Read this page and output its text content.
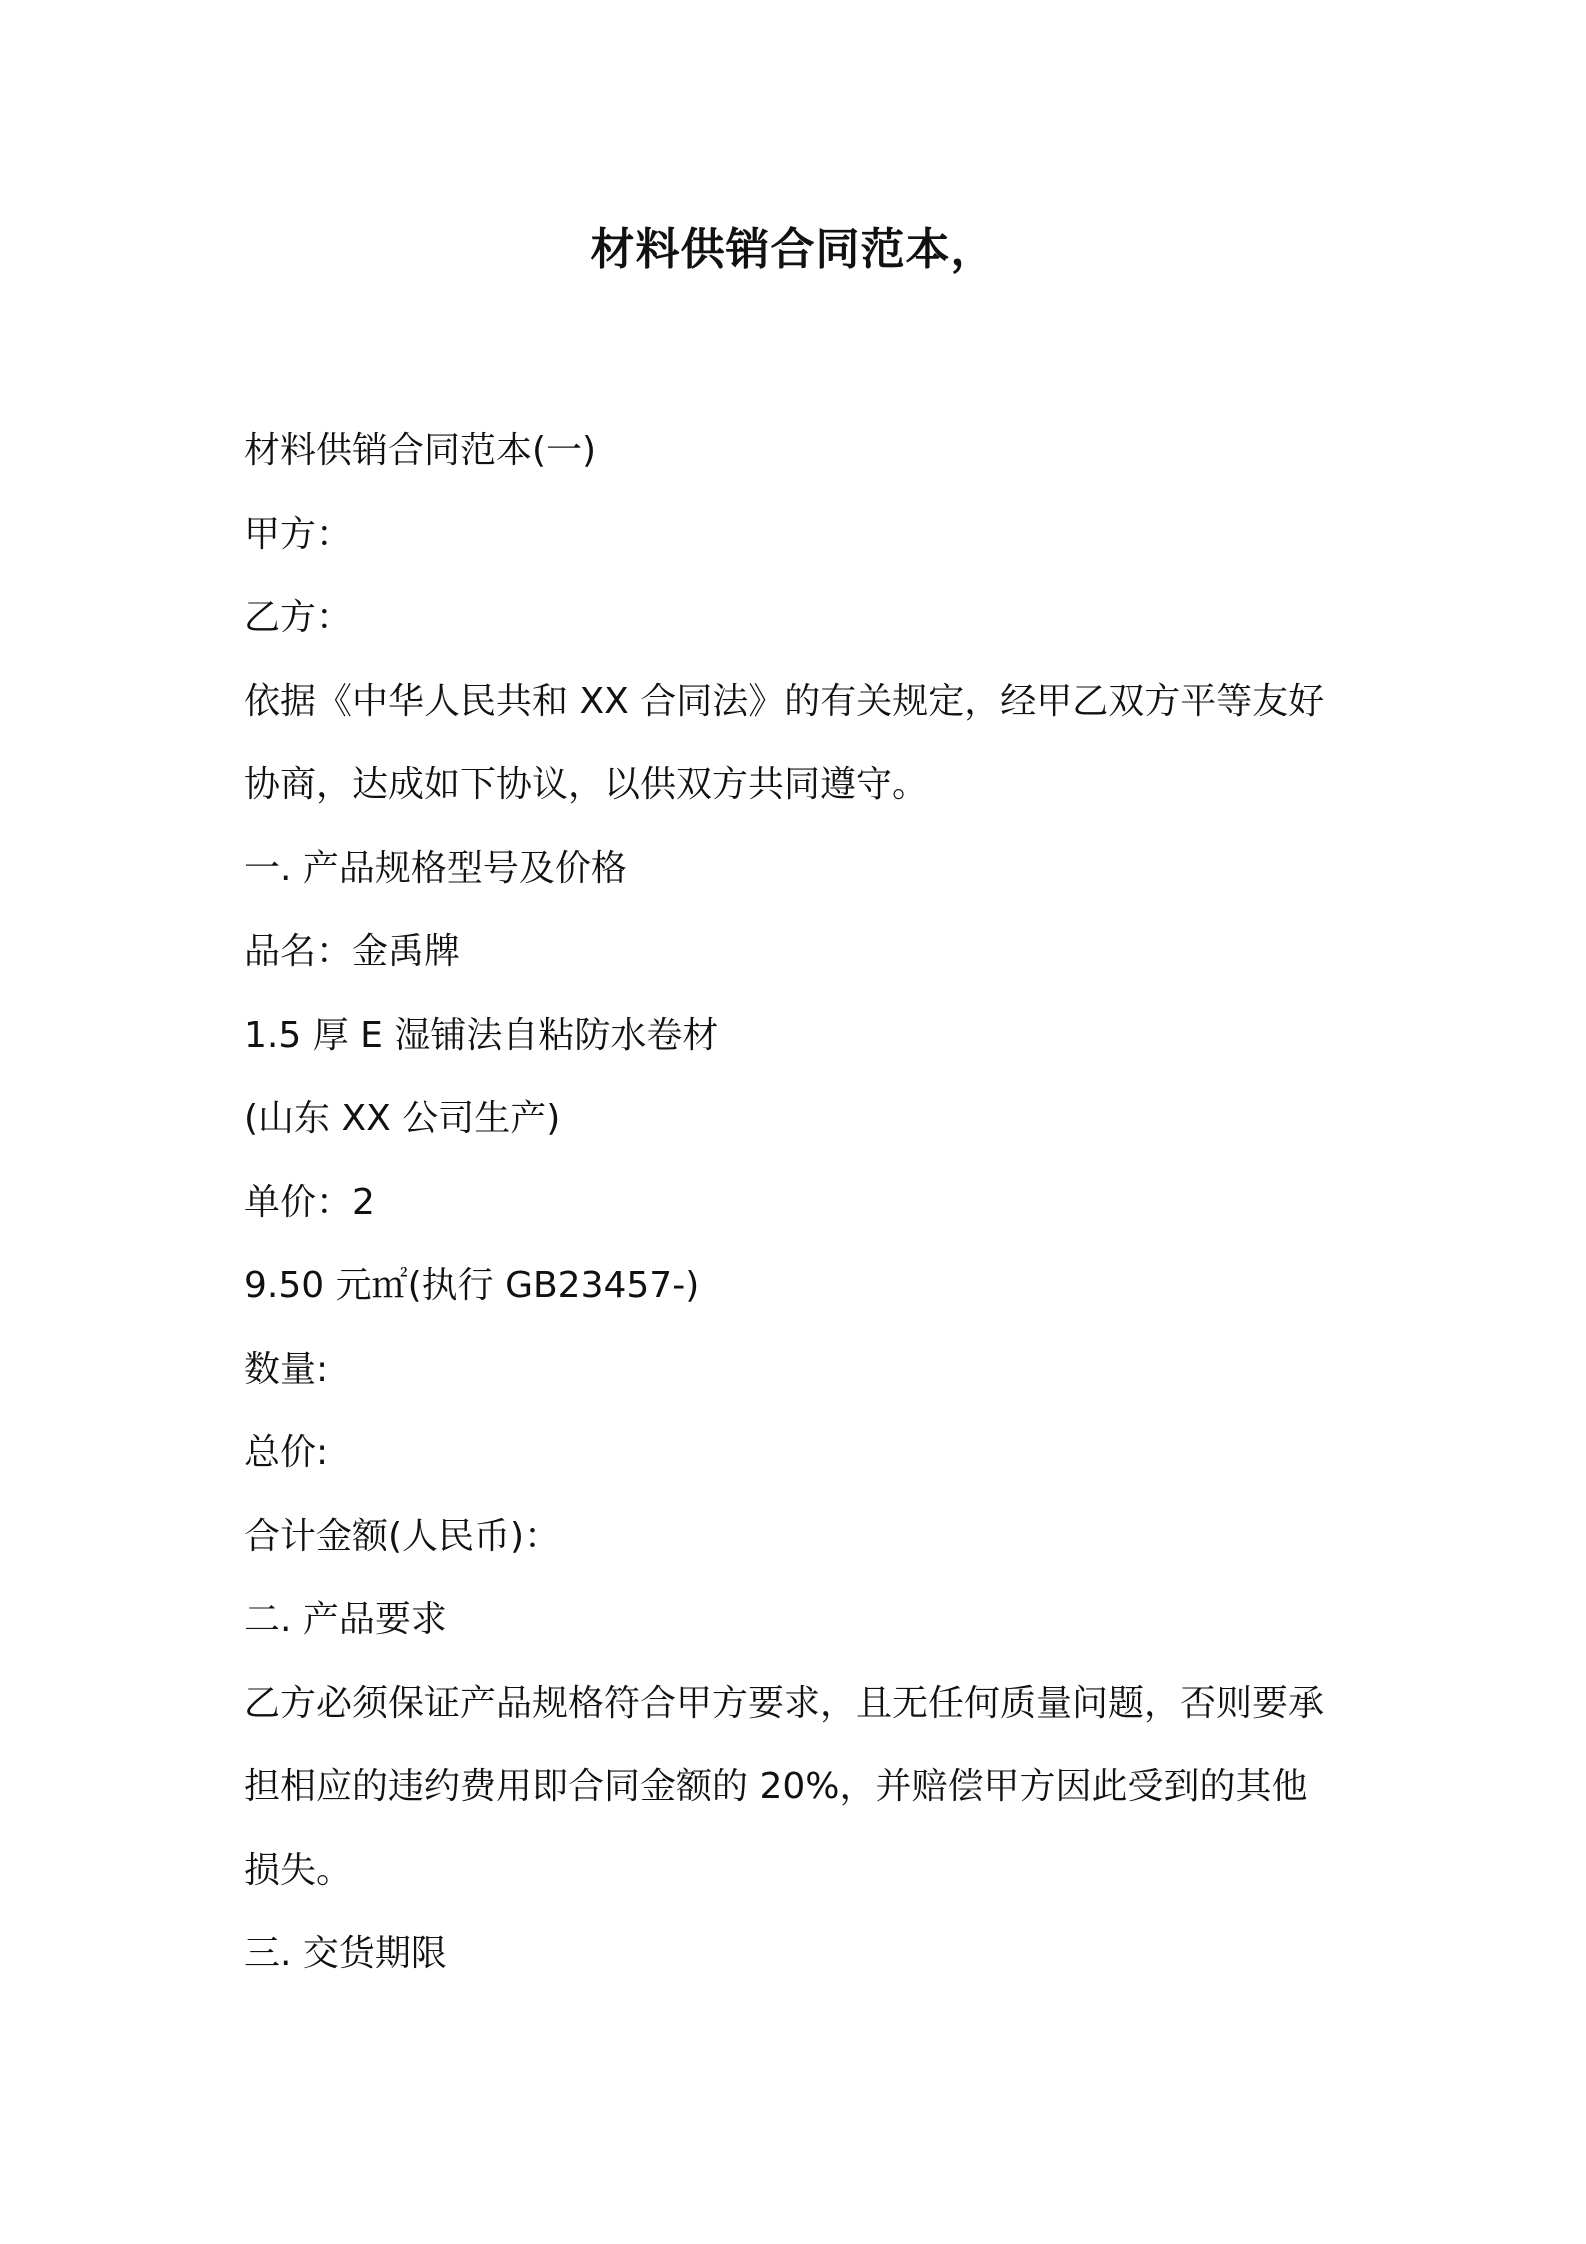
材料供销合同范本，
材料供销合同范本(一)
甲方：
乙方：
依据《中华人民共和 XX 合同法》的有关规定，经甲乙双方平等友好
协商，达成如下协议，以供双方共同遵守。
一. 产品规格型号及价格
品名：金禹牌
1.5 厚 E 湿铺法自粘防水卷材
(山东 XX 公司生产)
单价：2
9.50 元㎡(执行 GB23457-)
数量:
总价:
合计金额(人民币)：
二. 产品要求
乙方必须保证产品规格符合甲方要求，且无任何质量问题，否则要承
担相应的违约费用即合同金额的 20%，并赔偿甲方因此受到的其他
损失。
三. 交货期限
